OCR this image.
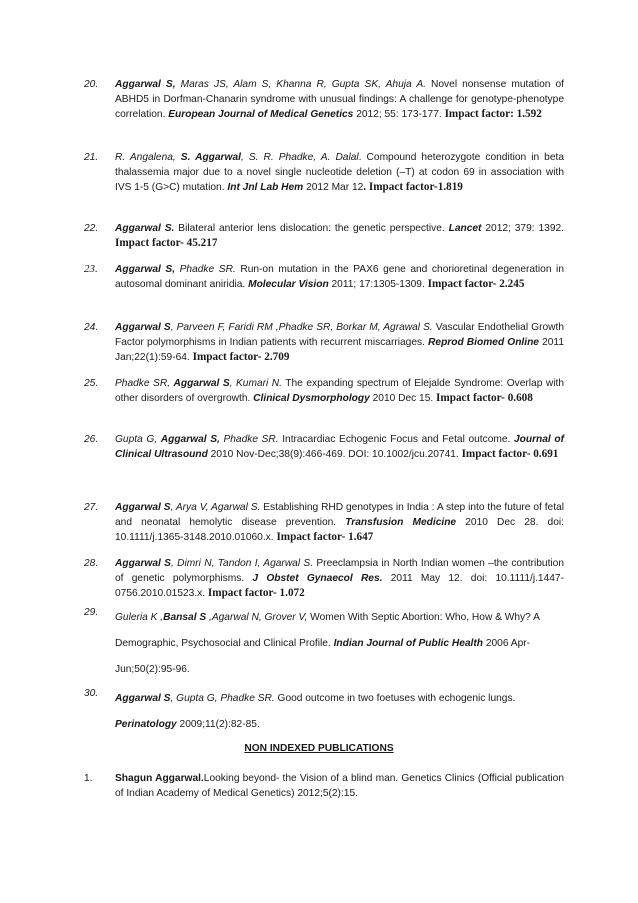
20.	Aggarwal S, Maras JS, Alam S, Khanna R, Gupta SK, Ahuja A. Novel nonsense mutation of ABHD5 in Dorfman-Chanarin syndrome with unusual findings: A challenge for genotype-phenotype correlation. European Journal of Medical Genetics 2012; 55: 173-177. Impact factor: 1.592
21.	R. Angalena, S. Aggarwal, S. R. Phadke, A. Dalal. Compound heterozygote condition in beta thalassemia major due to a novel single nucleotide deletion (–T) at codon 69 in association with IVS 1-5 (G>C) mutation. Int Jnl Lab Hem 2012 Mar 12. Impact factor-1.819
22.	Aggarwal S. Bilateral anterior lens dislocation: the genetic perspective. Lancet 2012; 379: 1392. Impact factor- 45.217
23.	Aggarwal S, Phadke SR. Run-on mutation in the PAX6 gene and chorioretinal degeneration in autosomal dominant aniridia. Molecular Vision 2011; 17:1305-1309. Impact factor- 2.245
24.	Aggarwal S, Parveen F, Faridi RM ,Phadke SR, Borkar M, Agrawal S. Vascular Endothelial Growth Factor polymorphisms in Indian patients with recurrent miscarriages. Reprod Biomed Online 2011 Jan;22(1):59-64. Impact factor- 2.709
25.	Phadke SR, Aggarwal S, Kumari N. The expanding spectrum of Elejalde Syndrome: Overlap with other disorders of overgrowth. Clinical Dysmorphology 2010 Dec 15. Impact factor- 0.608
26.	Gupta G, Aggarwal S, Phadke SR. Intracardiac Echogenic Focus and Fetal outcome. Journal of Clinical Ultrasound 2010 Nov-Dec;38(9):466-469. DOI: 10.1002/jcu.20741. Impact factor- 0.691
27.	Aggarwal S, Arya V, Agarwal S. Establishing RHD genotypes in India : A step into the future of fetal and neonatal hemolytic disease prevention. Transfusion Medicine 2010 Dec 28. doi: 10.1111/j.1365-3148.2010.01060.x. Impact factor- 1.647
28.	Aggarwal S, Dimri N, Tandon I, Agarwal S. Preeclampsia in North Indian women –the contribution of genetic polymorphisms. J Obstet Gynaecol Res. 2011 May 12. doi: 10.1111/j.1447-0756.2010.01523.x. Impact factor- 1.072
29.	Guleria K ,Bansal S ,Agarwal N, Grover V, Women With Septic Abortion: Who, How & Why? A Demographic, Psychosocial and Clinical Profile. Indian Journal of Public Health 2006 Apr-Jun;50(2):95-96.
30.	Aggarwal S, Gupta G, Phadke SR. Good outcome in two foetuses with echogenic lungs.
Perinatology 2009;11(2):82-85.
NON INDEXED PUBLICATIONS
1.	Shagun Aggarwal.Looking beyond- the Vision of a blind man. Genetics Clinics (Official publication of Indian Academy of Medical Genetics) 2012;5(2):15.
